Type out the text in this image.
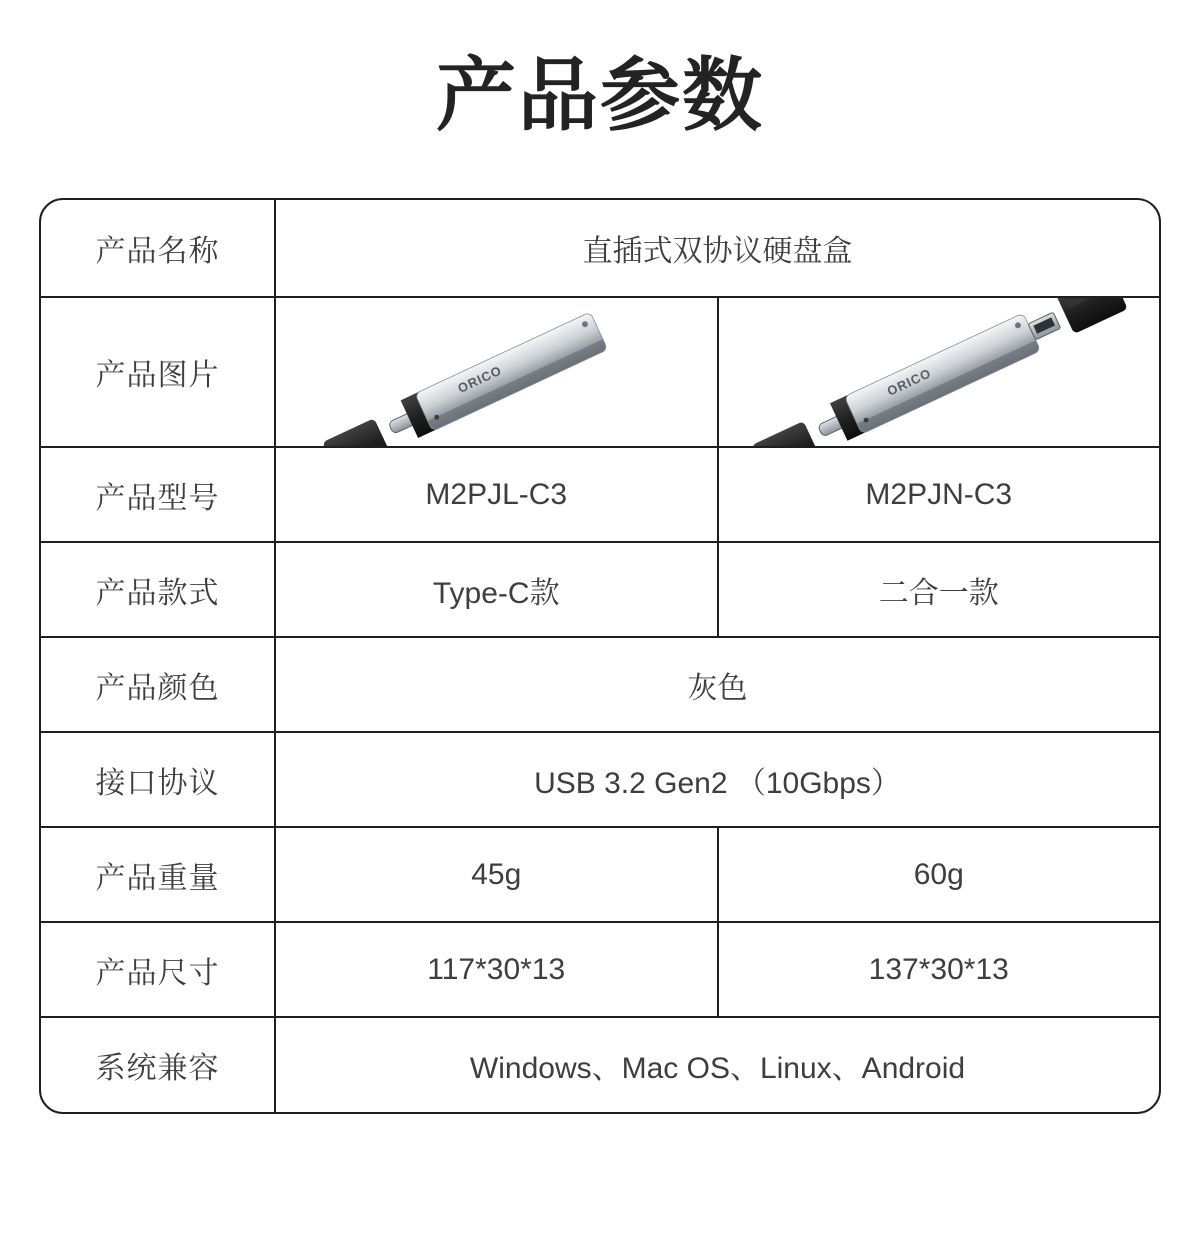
产品参数
产品名称	直插式双协议硬盘盒
产品图片	ORICO	ORICO
产品型号	M2PJL-C3	M2PJN-C3
产品款式	Type-C款	二合一款
产品颜色	灰色
接口协议	USB 3.2 Gen2 （10Gbps）
产品重量	45g	60g
产品尺寸	117*30*13	137*30*13
系统兼容	Windows、Mac OS、Linux、Android
